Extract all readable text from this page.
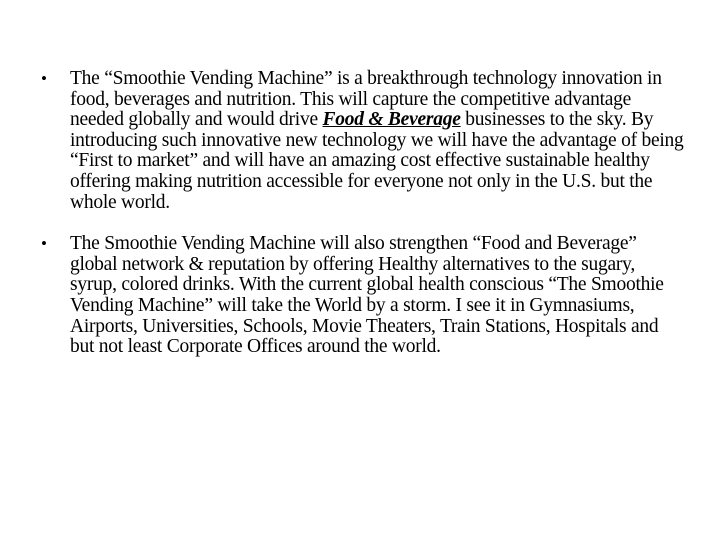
• The “Smoothie Vending Machine” is a breakthrough technology innovation in food, beverages and nutrition. This will capture the competitive advantage needed globally and would drive Food & Beverage businesses to the sky. By introducing such innovative new technology we will have the advantage of being “First to market” and will have an amazing cost effective sustainable healthy offering making nutrition accessible for everyone not only in the U.S. but the whole world.
• The Smoothie Vending Machine will also strengthen “Food and Beverage” global network & reputation by offering Healthy alternatives to the sugary, syrup, colored drinks. With the current global health conscious “The Smoothie Vending Machine” will take the World by a storm. I see it in Gymnasiums, Airports, Universities, Schools, Movie Theaters, Train Stations, Hospitals and but not least Corporate Offices around the world.
